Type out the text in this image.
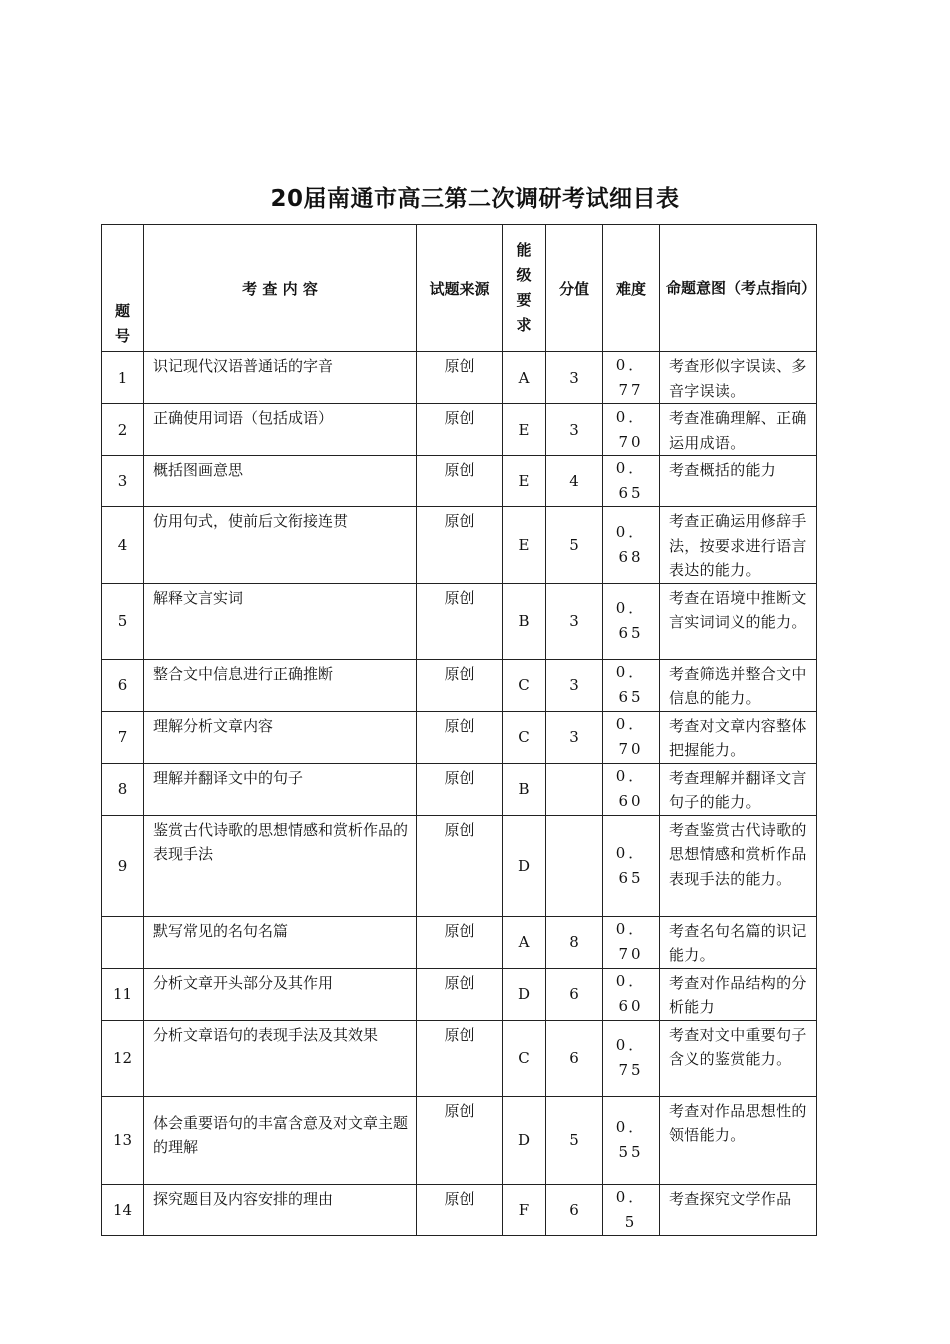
20届南通市高三第二次调研考试细目表
题号	考 查 内 容	试题来源	能级要求	分值	难度	命题意图（考点指向）
1	识记现代汉语普通话的字音	原创	A	3	0．77	考查形似字误读、多音字误读。
2	正确使用词语（包括成语）	原创	E	3	0．70	考查准确理解、正确运用成语。
3	概括图画意思	原创	E	4	0．65	考查概括的能力
4	仿用句式，使前后文衔接连贯	原创	E	5	0．68	考查正确运用修辞手法，按要求进行语言表达的能力。
5	解释文言实词	原创	B	3	0．65	考查在语境中推断文言实词词义的能力。
6	整合文中信息进行正确推断	原创	C	3	0．65	考查筛选并整合文中信息的能力。
7	理解分析文章内容	原创	C	3	0．70	考查对文章内容整体把握能力。
8	理解并翻译文中的句子	原创	B		0．60	考查理解并翻译文言句子的能力。
9	鉴赏古代诗歌的思想情感和赏析作品的表现手法	原创	D		0．65	考查鉴赏古代诗歌的思想情感和赏析作品表现手法的能力。
	默写常见的名句名篇	原创	A	8	0．70	考查名句名篇的识记能力。
11	分析文章开头部分及其作用	原创	D	6	0．60	考查对作品结构的分析能力
12	分析文章语句的表现手法及其效果	原创	C	6	0．75	考查对文中重要句子含义的鉴赏能力。
13	体会重要语句的丰富含意及对文章主题的理解	原创	D	5	0．55	考查对作品思想性的领悟能力。
14	探究题目及内容安排的理由	原创	F	6	0．5	考查探究文学作品
